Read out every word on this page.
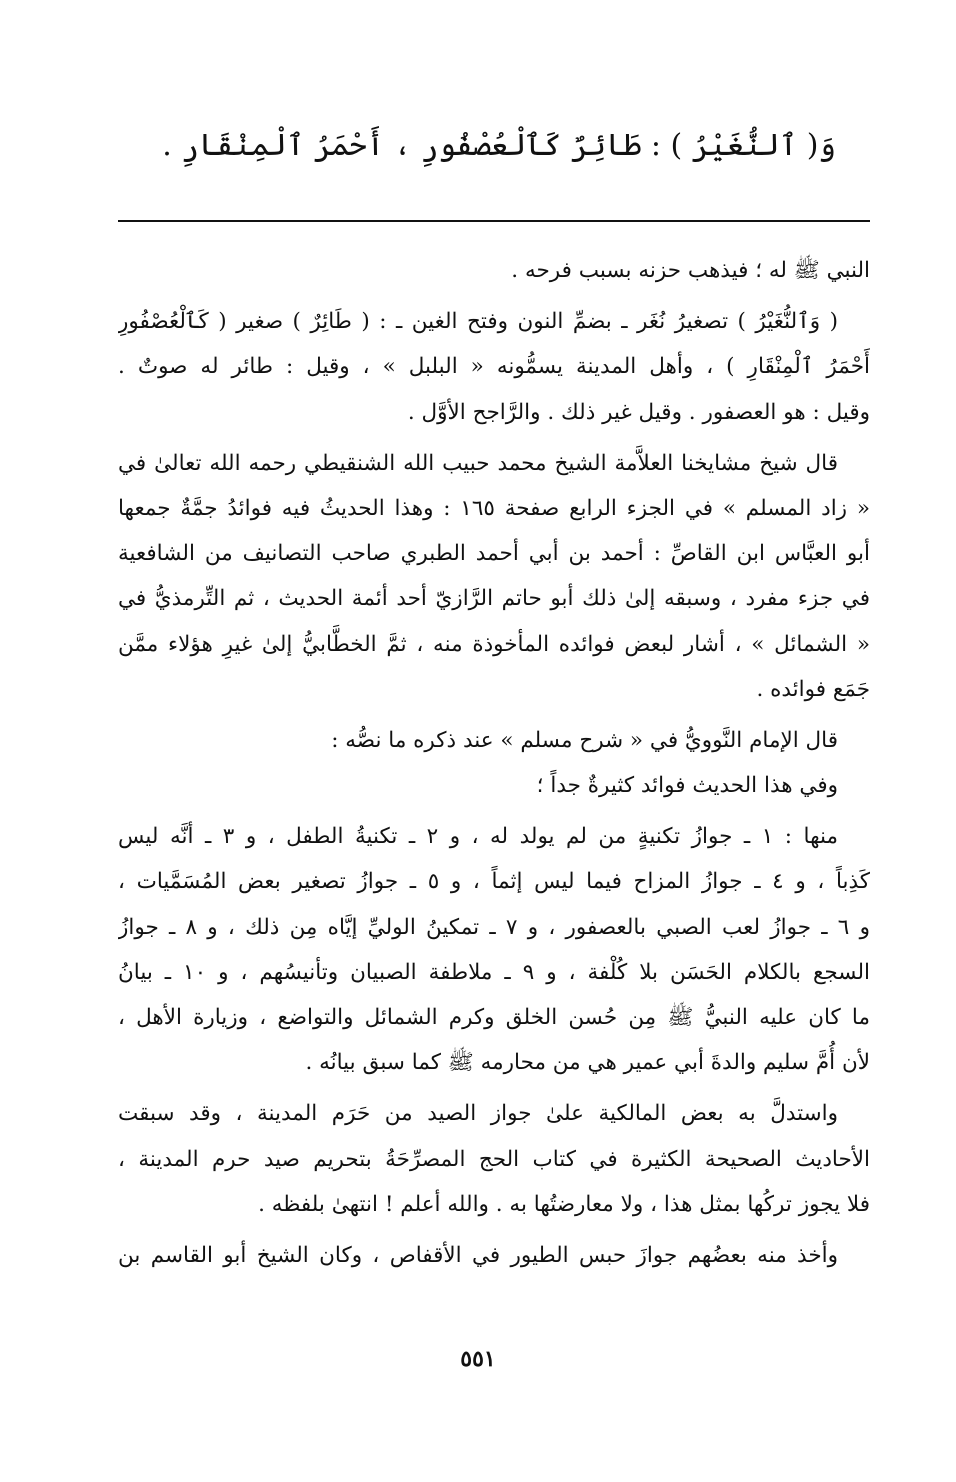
وَ( ٱلنُّغَيْرُ ) : طَائِرٌ كَٱلْعُصْفُورِ ، أَحْمَرُ ٱلْمِنْقَارِ .
النبي ﷺ له ؛ فيذهب حزنه بسبب فرحه .
( وَٱلنُّغَيْرُ ) تصغيرُ نُغَر ـ بضمِّ النون وفتح الغين ـ : ( طَائِرٌ ) صغير ( كَٱلْعُصْفُورِ
أَحْمَرُ ٱلْمِنْقَارِ ) ، وأهل المدينة يسمُّونه « البلبل » ، وقيل : طائر له صوتٌ .
وقيل : هو العصفور . وقيل غير ذلك . والرَّاجح الأوَّل .
قال شيخ مشايخنا العلاَّمة الشيخ محمد حبيب الله الشنقيطي رحمه الله تعالىٰ في
« زاد المسلم » في الجزء الرابع صفحة ١٦٥ : وهذا الحديثُ فيه فوائدُ جمَّةٌ جمعها
أبو العبَّاس ابن القاصِّ : أحمد بن أبي أحمد الطبري صاحب التصانيف من الشافعية
في جزء مفرد ، وسبقه إلىٰ ذلك أبو حاتم الرَّازيّ أحد أئمة الحديث ، ثم التِّرمذيُّ في
« الشمائل » ، أشار لبعض فوائده المأخوذة منه ، ثمَّ الخطَّابيُّ إلىٰ غيرِ هؤلاء ممَّن
جَمَع فوائده .
قال الإمام النَّوويُّ في « شرح مسلم » عند ذكره ما نصُّه :
وفي هذا الحديث فوائد كثيرةٌ جداً ؛
منها : ١ ـ جوازُ تكنيةٍ من لم يولد له ، و ٢ ـ تكنيةُ الطفل ، و ٣ ـ أنَّه ليس
كَذِباً ، و ٤ ـ جوازُ المزاح فيما ليس إثماً ، و ٥ ـ جوازُ تصغير بعض المُسَمَّيات ،
و ٦ ـ جوازُ لعب الصبي بالعصفور ، و ٧ ـ تمكينُ الوليِّ إيَّاه مِن ذلك ، و ٨ ـ جوازُ
السجع بالكلام الحَسَن بلا كُلْفة ، و ٩ ـ ملاطفة الصبيان وتأنيسُهم ، و ١٠ ـ بيانُ
ما كان عليه النبيُّ ﷺ مِن حُسن الخلق وكرم الشمائل والتواضع ، وزيارة الأهل ،
لأن أُمَّ سليم والدةَ أبي عمير هي من محارمه ﷺ كما سبق بيانُه .
واستدلَّ به بعض المالكية علىٰ جواز الصيد من حَرَم المدينة ، وقد سبقت
الأحاديث الصحيحة الكثيرة في كتاب الحج المصرِّحَةُ بتحريم صيد حرم المدينة ،
فلا يجوز تركُها بمثل هذا ، ولا معارضتُها به . والله أعلم ! انتهىٰ بلفظه .
وأخذ منه بعضُهم جوازَ حبس الطيور في الأقفاص ، وكان الشيخ أبو القاسم بن
٥٥١
